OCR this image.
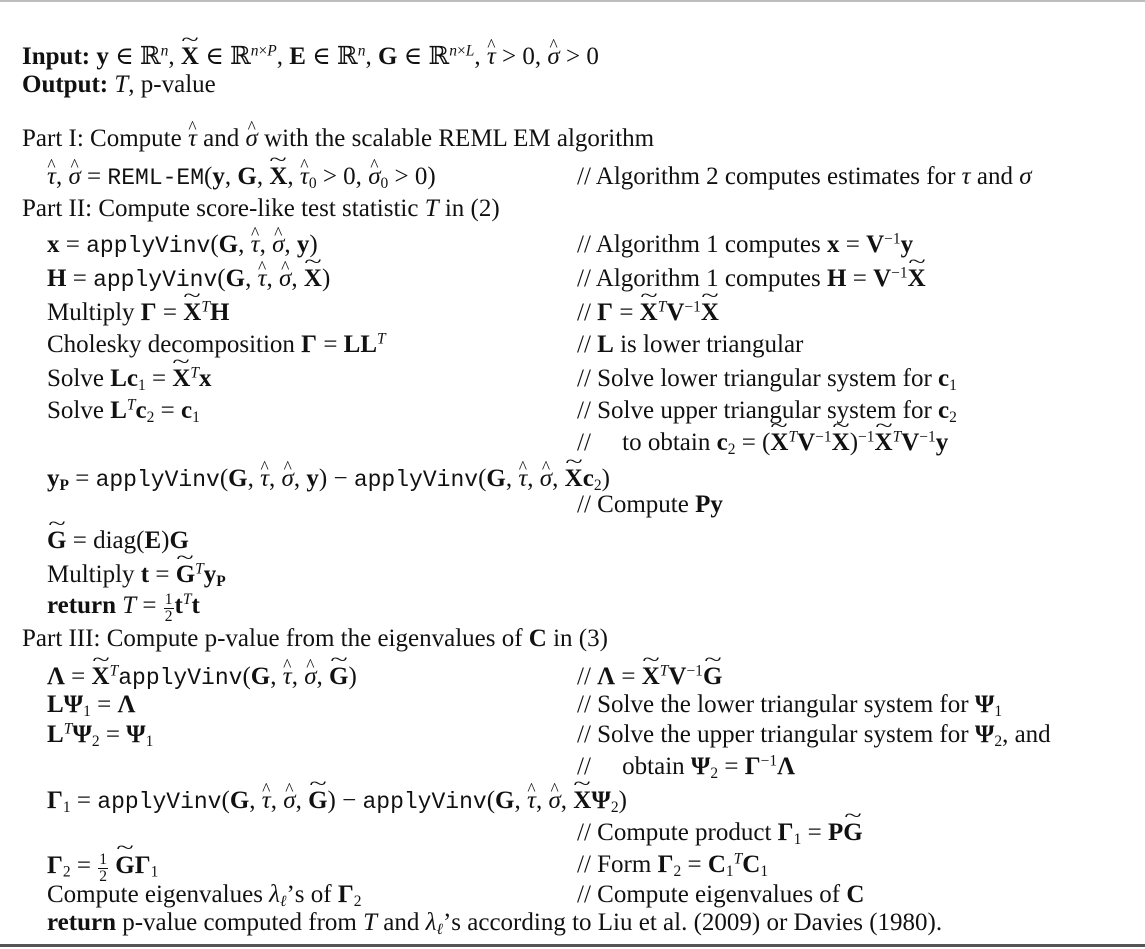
Input: y ∈ ℝ$^n$, ~ X ∈ ℝ$^{n\times P}$, E ∈ ℝ$^n$, G ∈ ℝ$^{n\times L}$, ^ τ > 0, ^ σ > 0
Output: T, p-value
Part I: Compute ^ τ and ^ σ with the scalable REML EM algorithm
^ τ, ^ σ = REML-EM(y, G, ~ X, ^ $\tau_0 > 0$, ^ $\sigma_0 > 0$)	// Algorithm 2 computes estimates for τ and σ
Part II: Compute score-like test statistic T in (2)
x = applyVinv(G, ^ τ, ^ σ, y)	// Algorithm 1 computes $x = V^{-1}y$
H = applyVinv(G, ^ τ, ^ σ, ~ X)	// Algorithm 1 computes $H = V^{-1}\sim$ X
Multiply Γ = ~ $X^TH$	// Γ = ~ $X^TV^{-1}\sim$ X
Cholesky decomposition $\Gamma = LL^T$	// L is lower triangular
Solve $Lc_1$ = ~ $X^Tx$	// Solve lower triangular system for $c_1$
Solve $L^Tc_2 = c_1$	// Solve upper triangular system for $c_2$
// to obtain $c_2$ = (~ $X^TV^{-1}\sim$ X)$^{-1}$~ $X^TV^{-1}y$
$y_P$ = applyVinv(G, ^ τ, ^ σ, y) − applyVinv(G, ^ τ, ^ σ, ~ $Xc_2$)
// Compute Py
~ G = diag(E)G
Multiply t = ~ $G^Ty_P$
return $T = \frac{1}{2} t^Tt$
Part III: Compute p-value from the eigenvalues of C in (3)
Λ = ~ $X^TapplyVinv(G$, ^ τ, ^ σ, ~ G)	// Λ = ~ $X^TV^{-1}\sim$ G
$L\Psi_1 = \Lambda$	// Solve the lower triangular system for $\Psi_1$
$L^T\Psi_2 = \Psi_1$	// Solve the upper triangular system for $\Psi_2$, and
// obtain $\Psi_2 = \Gamma^{-1}\Lambda$
$\Gamma_1$ = applyVinv(G, ^ τ, ^ σ, ~ G) − applyVinv(G, ^ τ, ^ σ, ~ $X\Psi_2$)
// Compute product $\Gamma_1$ = P~ G
$\Gamma_2 = \frac{1}{2}$ ~ $G\Gamma_1$	// Form $\Gamma_2 = C_1^TC_1$
Compute eigenvalues $\lambda_\ell’s$ of $\Gamma_2$	// Compute eigenvalues of C
return p-value computed from T and $\lambda_\ell’s$ according to Liu et al. (2009) or Davies (1980).
